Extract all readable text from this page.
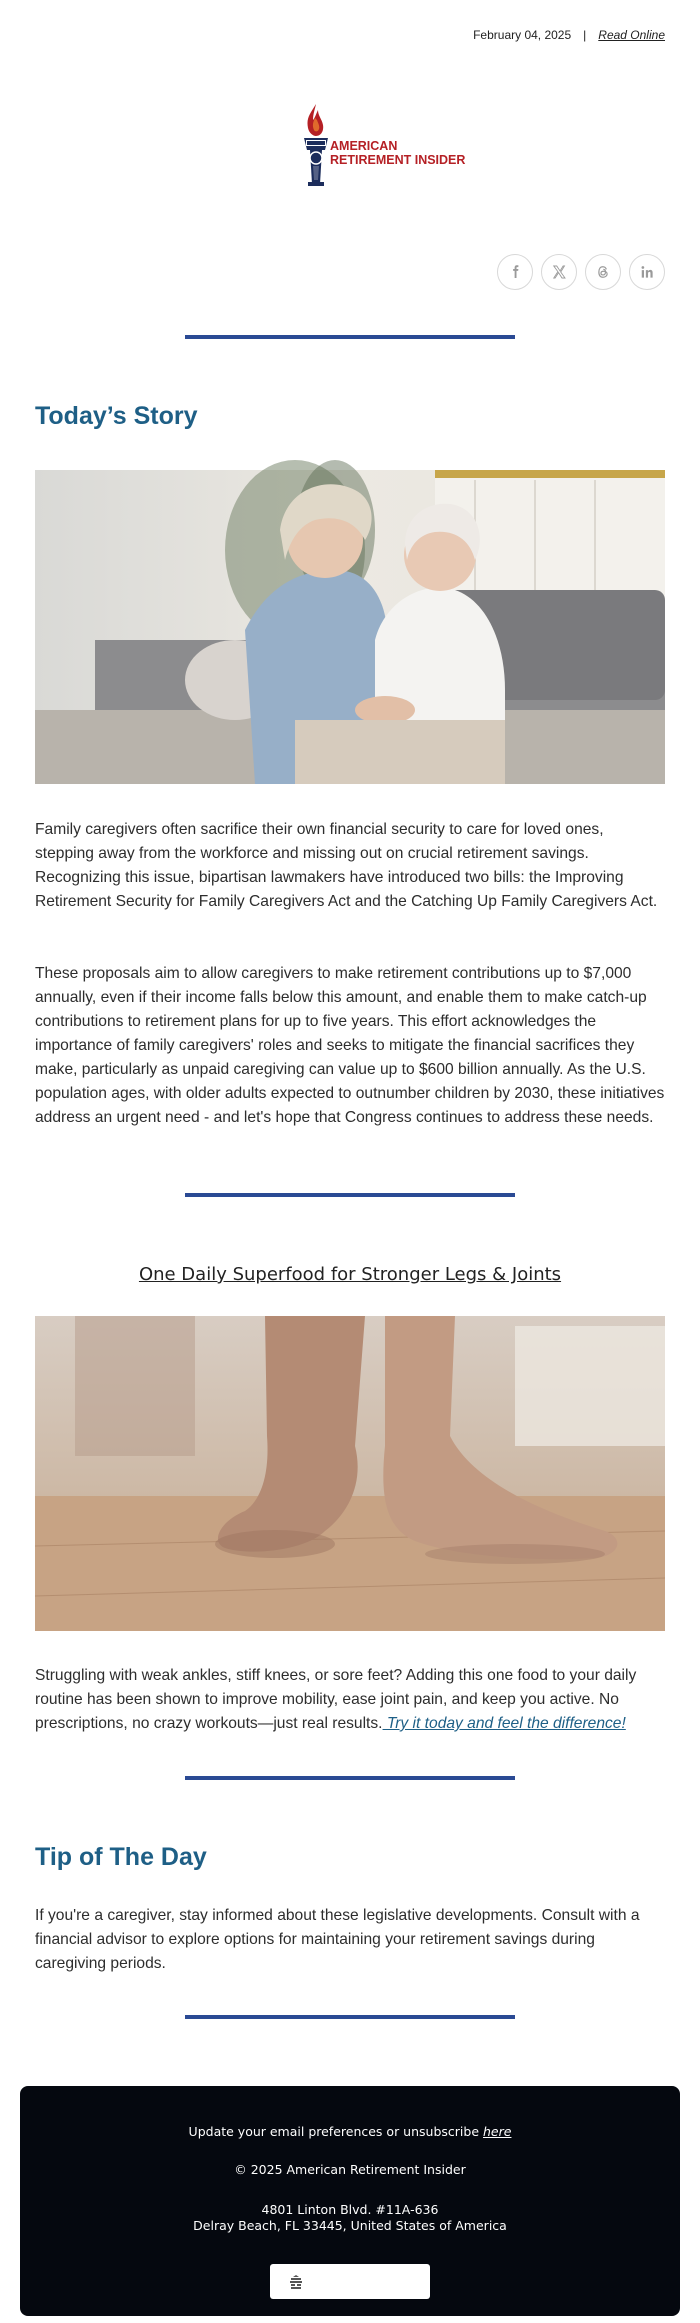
February 04, 2025 | Read Online
AMERICAN
RETIREMENT INSIDER
Today’s Story

Family caregivers often sacrifice their own financial security to care for loved ones, stepping away from the workforce and missing out on crucial retirement savings. Recognizing this issue, bipartisan lawmakers have introduced two bills: the Improving Retirement Security for Family Caregivers Act and the Catching Up Family Caregivers Act.

These proposals aim to allow caregivers to make retirement contributions up to $7,000 annually, even if their income falls below this amount, and enable them to make catch-up contributions to retirement plans for up to five years. This effort acknowledges the importance of family caregivers' roles and seeks to mitigate the financial sacrifices they make, particularly as unpaid caregiving can value up to $600 billion annually. As the U.S. population ages, with older adults expected to outnumber children by 2030, these initiatives address an urgent need - and let's hope that Congress continues to address these needs.

One Daily Superfood for Stronger Legs & Joints

Struggling with weak ankles, stiff knees, or sore feet? Adding this one food to your daily routine has been shown to improve mobility, ease joint pain, and keep you active. No prescriptions, no crazy workouts—just real results. Try it today and feel the difference!

Tip of The Day

If you're a caregiver, stay informed about these legislative developments. Consult with a financial advisor to explore options for maintaining your retirement savings during caregiving periods.

Update your email preferences or unsubscribe here
© 2025 American Retirement Insider
4801 Linton Blvd. #11A-636
Delray Beach, FL 33445, United States of America
Powered by beehiiv
